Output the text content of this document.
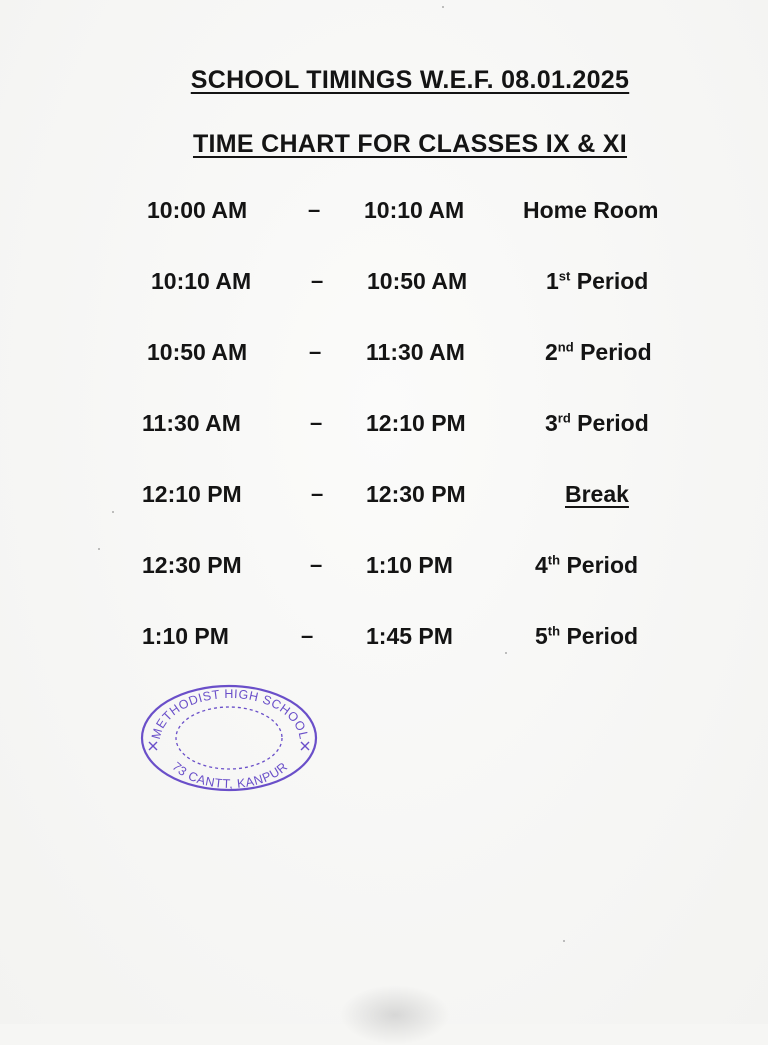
SCHOOL TIMINGS W.E.F. 08.01.2025
TIME CHART FOR CLASSES IX & XI
10:00 AM	– 10:10 AM	Home Room
10:10 AM	– 10:50 AM	1st Period
10:50 AM	– 11:30 AM	2nd Period
11:30 AM	– 12:10 PM	3rd Period
12:10 PM	– 12:30 PM	Break
12:30 PM	– 1:10 PM	4th Period
1:10 PM	– 1:45 PM	5th Period
METHODIST HIGH SCHOOL
73 CANTT, KANPUR
